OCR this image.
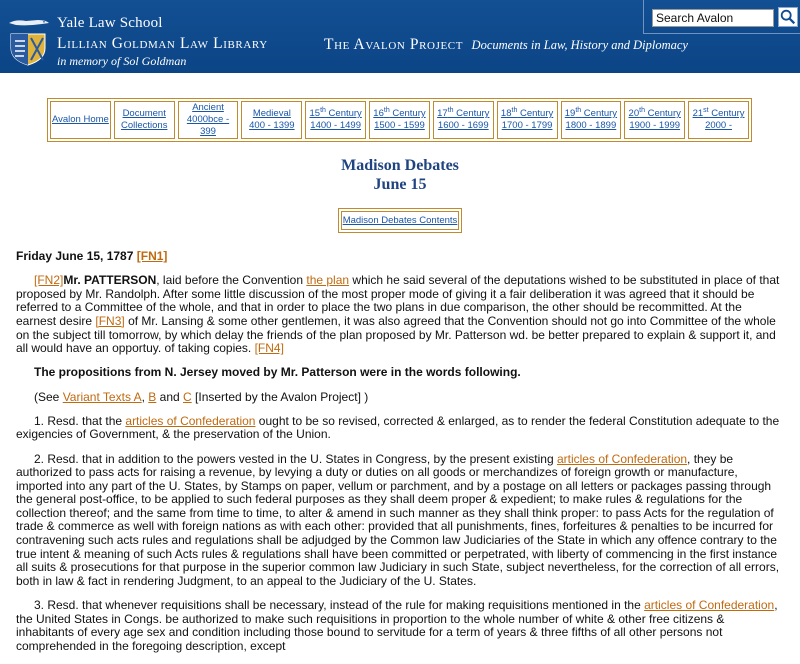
Yale Law School
Lillian Goldman Law Library
in memory of Sol Goldman
The Avalon Project Documents in Law, History and Diplomacy
Search Avalon
Avalon Home
Document
Collections
Ancient
4000bce - 399
Medieval
400 - 1399
15th Century
1400 - 1499
16th Century
1500 - 1599
17th Century
1600 - 1699
18th Century
1700 - 1799
19th Century
1800 - 1899
20th Century
1900 - 1999
21st Century
2000 -
Madison Debates
June 15
Madison Debates Contents

Friday June 15, 1787 [FN1]

[FN2]Mr. PATTERSON, laid before the Convention the plan which he said several of the deputations wished to be substituted in place of that proposed by Mr. Randolph. After some little discussion of the most proper mode of giving it a fair deliberation it was agreed that it should be referred to a Committee of the whole, and that in order to place the two plans in due comparison, the other should be recommitted. At the earnest desire [FN3] of Mr. Lansing & some other gentlemen, it was also agreed that the Convention should not go into Committee of the whole on the subject till tomorrow, by which delay the friends of the plan proposed by Mr. Patterson wd. be better prepared to explain & support it, and all would have an opportuy. of taking copies. [FN4]

The propositions from N. Jersey moved by Mr. Patterson were in the words following.

(See Variant Texts A, B and C [Inserted by the Avalon Project] )

1. Resd. that the articles of Confederation ought to be so revised, corrected & enlarged, as to render the federal Constitution adequate to the exigencies of Government, & the preservation of the Union.

2. Resd. that in addition to the powers vested in the U. States in Congress, by the present existing articles of Confederation, they be authorized to pass acts for raising a revenue, by levying a duty or duties on all goods or merchandizes of foreign growth or manufacture, imported into any part of the U. States, by Stamps on paper, vellum or parchment, and by a postage on all letters or packages passing through the general post-office, to be applied to such federal purposes as they shall deem proper & expedient; to make rules & regulations for the collection thereof; and the same from time to time, to alter & amend in such manner as they shall think proper: to pass Acts for the regulation of trade & commerce as well with foreign nations as with each other: provided that all punishments, fines, forfeitures & penalties to be incurred for contravening such acts rules and regulations shall be adjudged by the Common law Judiciaries of the State in which any offence contrary to the true intent & meaning of such Acts rules & regulations shall have been committed or perpetrated, with liberty of commencing in the first instance all suits & prosecutions for that purpose in the superior common law Judiciary in such State, subject nevertheless, for the correction of all errors, both in law & fact in rendering Judgment, to an appeal to the Judiciary of the U. States.

3. Resd. that whenever requisitions shall be necessary, instead of the rule for making requisitions mentioned in the articles of Confederation, the United States in Congs. be authorized to make such requisitions in proportion to the whole number of white & other free citizens & inhabitants of every age sex and condition including those bound to servitude for a term of years & three fifths of all other persons not comprehended in the foregoing description, except
